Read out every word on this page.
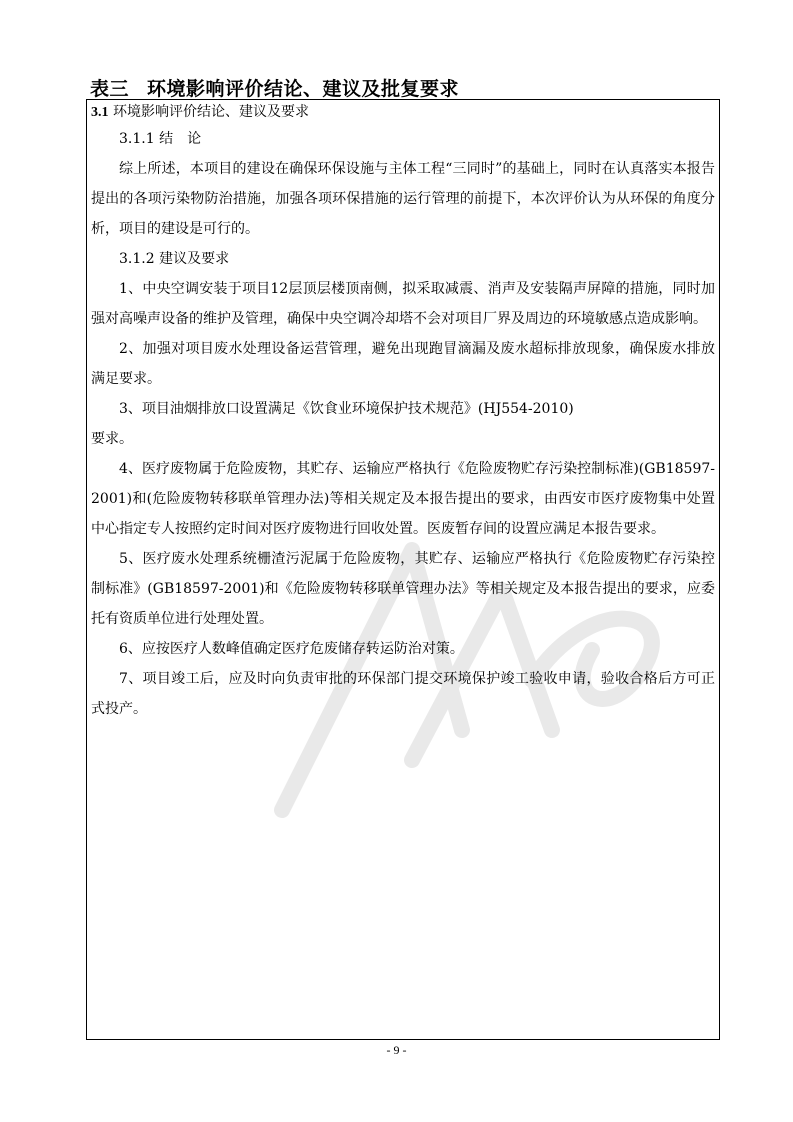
表三 环境影响评价结论、建议及批复要求

3.1 环境影响评价结论、建议及要求

3.1.1 结　论

综上所述，本项目的建设在确保环保设施与主体工程“三同时”的基础上，同时在认真落实本报告提出的各项污染物防治措施，加强各项环保措施的运行管理的前提下，本次评价认为从环保的角度分析，项目的建设是可行的。

3.1.2 建议及要求

1、中央空调安装于项目12层顶层楼顶南侧，拟采取减震、消声及安装隔声屏障的措施，同时加强对高噪声设备的维护及管理，确保中央空调冷却塔不会对项目厂界及周边的环境敏感点造成影响。

2、加强对项目废水处理设备运营管理，避免出现跑冒滴漏及废水超标排放现象，确保废水排放满足要求。

3、项目油烟排放口设置满足《饮食业环境保护技术规范》(HJ554-2010)

要求。

4、医疗废物属于危险废物，其贮存、运输应严格执行《危险废物贮存污染控制标准)(GB18597-2001)和(危险废物转移联单管理办法)等相关规定及本报告提出的要求，由西安市医疗废物集中处置中心指定专人按照约定时间对医疗废物进行回收处置。医废暂存间的设置应满足本报告要求。

5、医疗废水处理系统栅渣污泥属于危险废物，其贮存、运输应严格执行《危险废物贮存污染控制标准》(GB18597-2001)和《危险废物转移联单管理办法》等相关规定及本报告提出的要求，应委托有资质单位进行处理处置。

6、应按医疗人数峰值确定医疗危废储存转运防治对策。

7、项目竣工后，应及时向负责审批的环保部门提交环境保护竣工验收申请，验收合格后方可正式投产。

- 9 -
